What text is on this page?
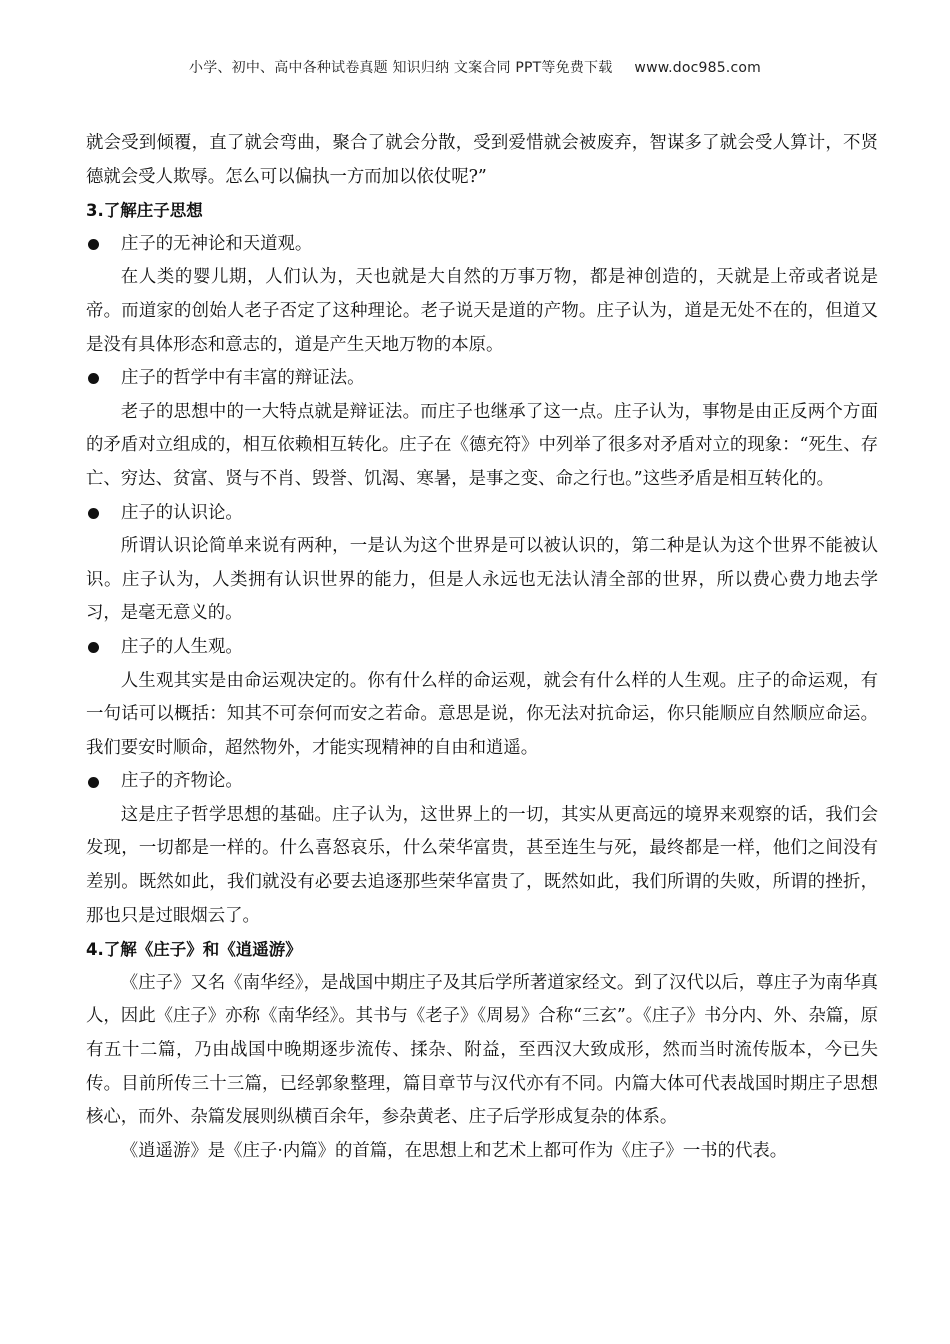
小学、初中、高中各种试卷真题 知识归纳 文案合同 PPT等免费下载 www.doc985.com

就会受到倾覆，直了就会弯曲，聚合了就会分散，受到爱惜就会被废弃，智谋多了就会受人算计，不贤德就会受人欺辱。怎么可以偏执一方而加以依仗呢?”

3.了解庄子思想

庄子的无神论和天道观。

在人类的婴儿期，人们认为，天也就是大自然的万事万物，都是神创造的，天就是上帝或者说是帝。而道家的创始人老子否定了这种理论。老子说天是道的产物。庄子认为，道是无处不在的，但道又是没有具体形态和意志的，道是产生天地万物的本原。

庄子的哲学中有丰富的辩证法。

老子的思想中的一大特点就是辩证法。而庄子也继承了这一点。庄子认为，事物是由正反两个方面的矛盾对立组成的，相互依赖相互转化。庄子在《德充符》中列举了很多对矛盾对立的现象：“死生、存亡、穷达、贫富、贤与不肖、毁誉、饥渴、寒暑，是事之变、命之行也。”这些矛盾是相互转化的。

庄子的认识论。

所谓认识论简单来说有两种，一是认为这个世界是可以被认识的，第二种是认为这个世界不能被认识。庄子认为，人类拥有认识世界的能力，但是人永远也无法认清全部的世界，所以费心费力地去学习，是毫无意义的。

庄子的人生观。

人生观其实是由命运观决定的。你有什么样的命运观，就会有什么样的人生观。庄子的命运观，有一句话可以概括：知其不可奈何而安之若命。意思是说，你无法对抗命运，你只能顺应自然顺应命运。我们要安时顺命，超然物外，才能实现精神的自由和逍遥。

庄子的齐物论。

这是庄子哲学思想的基础。庄子认为，这世界上的一切，其实从更高远的境界来观察的话，我们会发现，一切都是一样的。什么喜怒哀乐，什么荣华富贵，甚至连生与死，最终都是一样，他们之间没有差别。既然如此，我们就没有必要去追逐那些荣华富贵了，既然如此，我们所谓的失败，所谓的挫折，那也只是过眼烟云了。

4.了解《庄子》和《逍遥游》

《庄子》又名《南华经》，是战国中期庄子及其后学所著道家经文。到了汉代以后，尊庄子为南华真人，因此《庄子》亦称《南华经》。其书与《老子》《周易》合称“三玄”。《庄子》书分内、外、杂篇，原有五十二篇，乃由战国中晚期逐步流传、揉杂、附益，至西汉大致成形，然而当时流传版本，今已失传。目前所传三十三篇，已经郭象整理，篇目章节与汉代亦有不同。内篇大体可代表战国时期庄子思想核心，而外、杂篇发展则纵横百余年，参杂黄老、庄子后学形成复杂的体系。

《逍遥游》是《庄子·内篇》的首篇，在思想上和艺术上都可作为《庄子》一书的代表。
